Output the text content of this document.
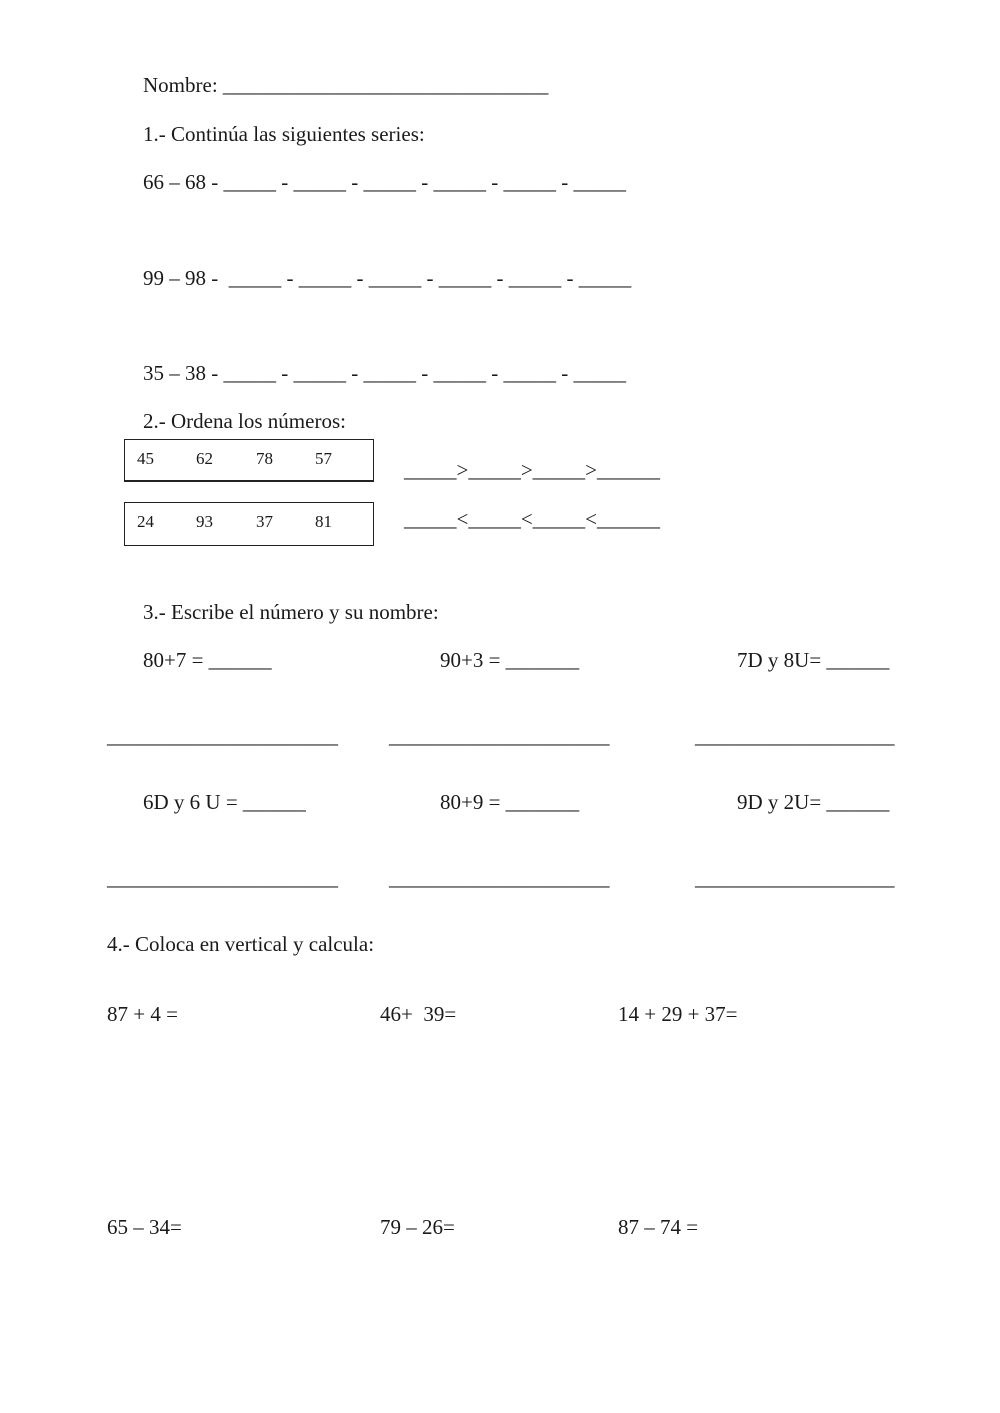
Nombre: _______________________________
1.- Continúa las siguientes series:
66 – 68 - _____ - _____ - _____ - _____ - _____ - _____
99 – 98 -  _____ - _____ - _____ - _____ - _____ - _____
35 – 38 - _____ - _____ - _____ - _____ - _____ - _____
2.- Ordena los números:
45 62	78 57	_____>_____>_____>______
24 93	37 81	_____<_____<_____<______
3.- Escribe el número y su nombre:
80+7 = ______	90+3 = _______	7D y 8U= ______
______________________ _____________________	___________________
6D y 6 U = ______	80+9 = _______	9D y 2U= ______
______________________ _____________________	___________________
4.- Coloca en vertical y calcula:
87 + 4 =	46+  39=	14 + 29 + 37=
65 – 34=	79 – 26=	87 – 74 =
